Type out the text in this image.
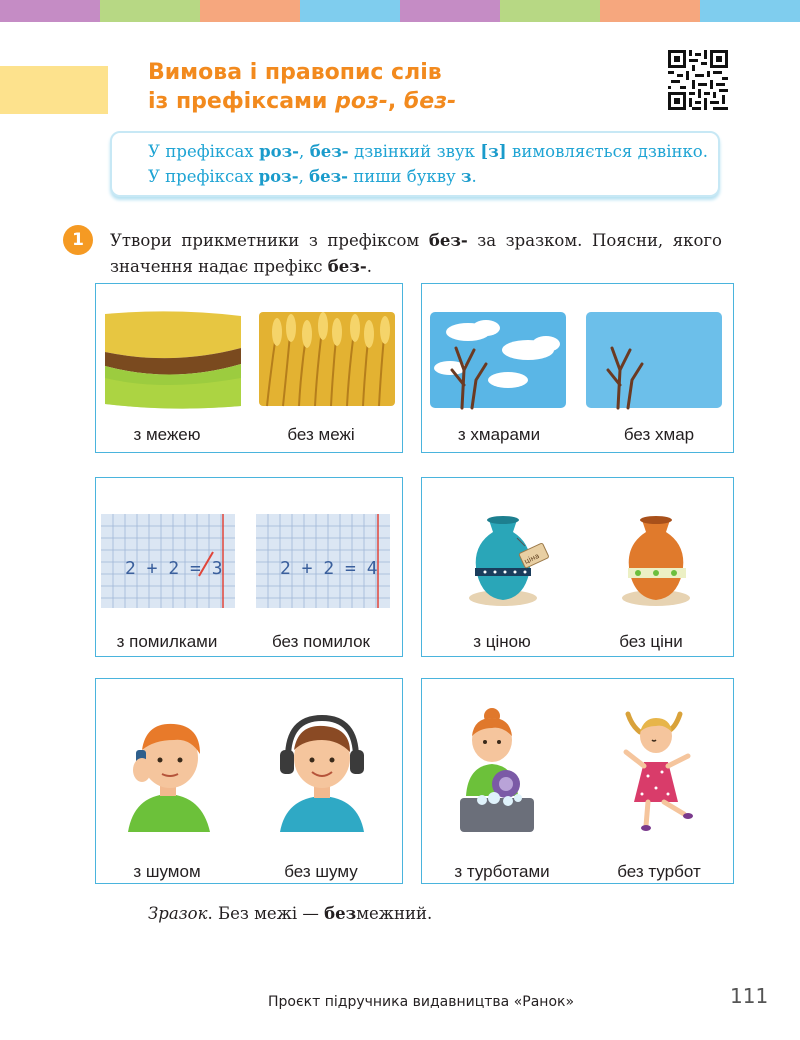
Вимова і правопис слів
із префіксами роз-, без-
У префіксах роз-, без- дзвінкий звук [з] вимовляється дзвінко. У префіксах роз-, без- пиши букву з.
1	Утвори прикметники з префіксом без- за зразком. Поясни, якого значення надає префікс без-.
з межею	без межі	з хмарами	без хмар
2 + 2 = 3	2 + 2 = 4
з помилками	без помилок
ціна
з ціною	без ціни
з шумом	без шуму	з турботами	без турбот
Зразок. Без межі — безмежний.
Проєкт підручника видавництва «Ранок»	111
